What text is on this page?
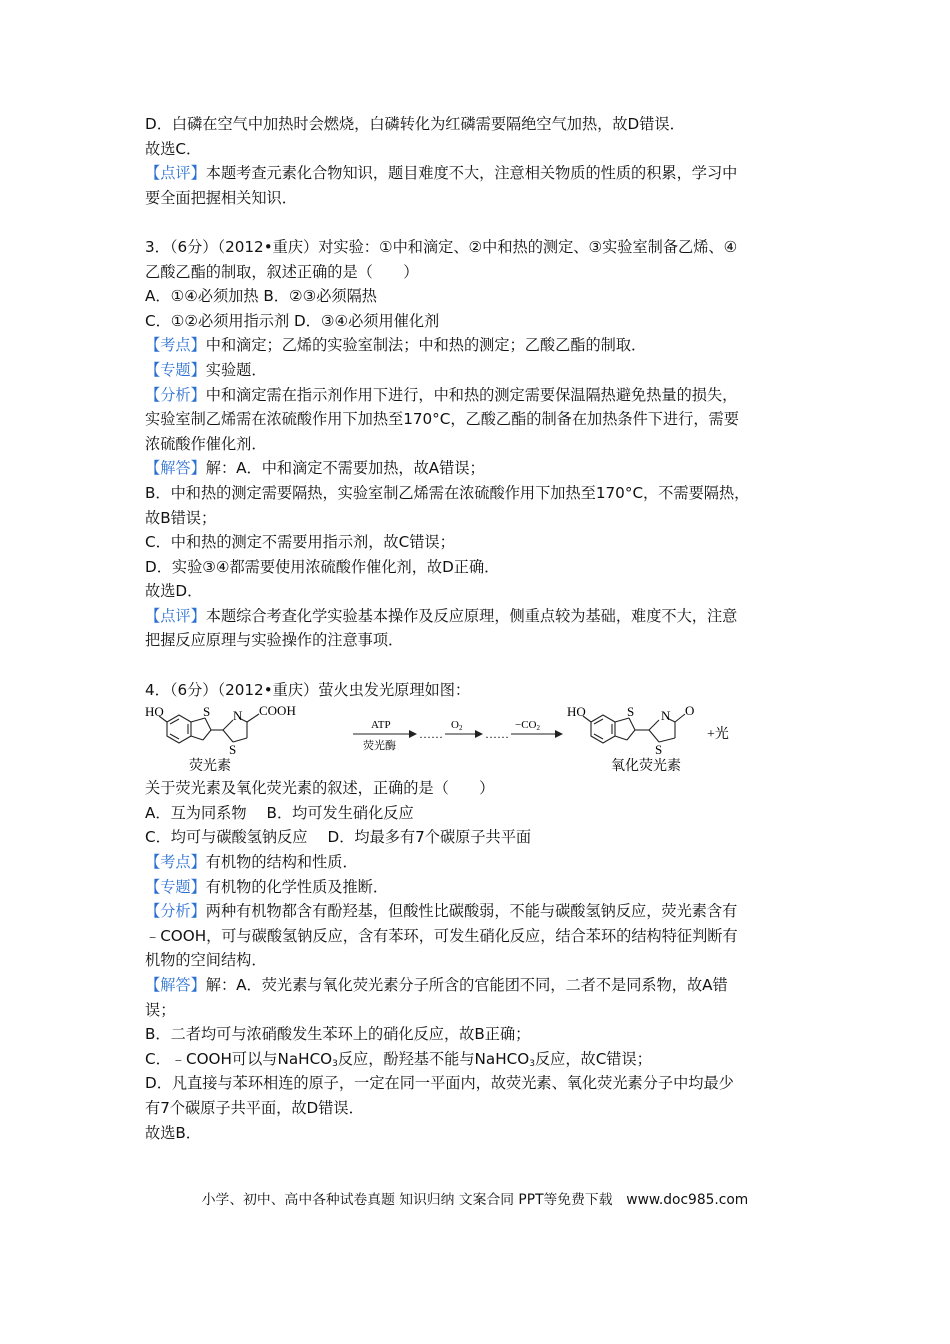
D．白磷在空气中加热时会燃烧，白磷转化为红磷需要隔绝空气加热，故D错误．
故选C．
【点评】本题考查元素化合物知识，题目难度不大，注意相关物质的性质的积累，学习中
要全面把握相关知识．
3．（6分）（2012•重庆）对实验：①中和滴定、②中和热的测定、③实验室制备乙烯、④
乙酸乙酯的制取，叙述正确的是（　　）
A．①④必须加热 B．②③必须隔热
C．①②必须用指示剂 D．③④必须用催化剂
【考点】中和滴定；乙烯的实验室制法；中和热的测定；乙酸乙酯的制取．
【专题】实验题．
【分析】中和滴定需在指示剂作用下进行，中和热的测定需要保温隔热避免热量的损失，
实验室制乙烯需在浓硫酸作用下加热至170°C，乙酸乙酯的制备在加热条件下进行，需要
浓硫酸作催化剂．
【解答】解：A．中和滴定不需要加热，故A错误；
B．中和热的测定需要隔热，实验室制乙烯需在浓硫酸作用下加热至170°C，不需要隔热，
故B错误；
C．中和热的测定不需要用指示剂，故C错误；
D．实验③④都需要使用浓硫酸作催化剂，故D正确．
故选D．
【点评】本题综合考查化学实验基本操作及反应原理，侧重点较为基础，难度不大，注意
把握反应原理与实验操作的注意事项．
4．（6分）（2012•重庆）萤火虫发光原理如图：
HO	S N COOH
S
荧光素
ATP
荧光酶
……
O2 ……
−CO2
HO	S N O
S
氧化荧光素
+光
关于荧光素及氧化荧光素的叙述，正确的是（　　）
A．互为同系物　 B．均可发生硝化反应
C．均可与碳酸氢钠反应　 D．均最多有7个碳原子共平面
【考点】有机物的结构和性质．
【专题】有机物的化学性质及推断．
【分析】两种有机物都含有酚羟基，但酸性比碳酸弱，不能与碳酸氢钠反应，荧光素含有
﹣COOH，可与碳酸氢钠反应，含有苯环，可发生硝化反应，结合苯环的结构特征判断有
机物的空间结构．
【解答】解：A．荧光素与氧化荧光素分子所含的官能团不同，二者不是同系物，故A错
误；
B．二者均可与浓硝酸发生苯环上的硝化反应，故B正确；
C．﹣COOH可以与NaHCO$_3$反应，酚羟基不能与NaHCO$_3$反应，故C错误；
D．凡直接与苯环相连的原子，一定在同一平面内，故荧光素、氧化荧光素分子中均最少
有7个碳原子共平面，故D错误．
故选B．
小学、初中、高中各种试卷真题 知识归纳 文案合同 PPT等免费下载　www.doc985.com
